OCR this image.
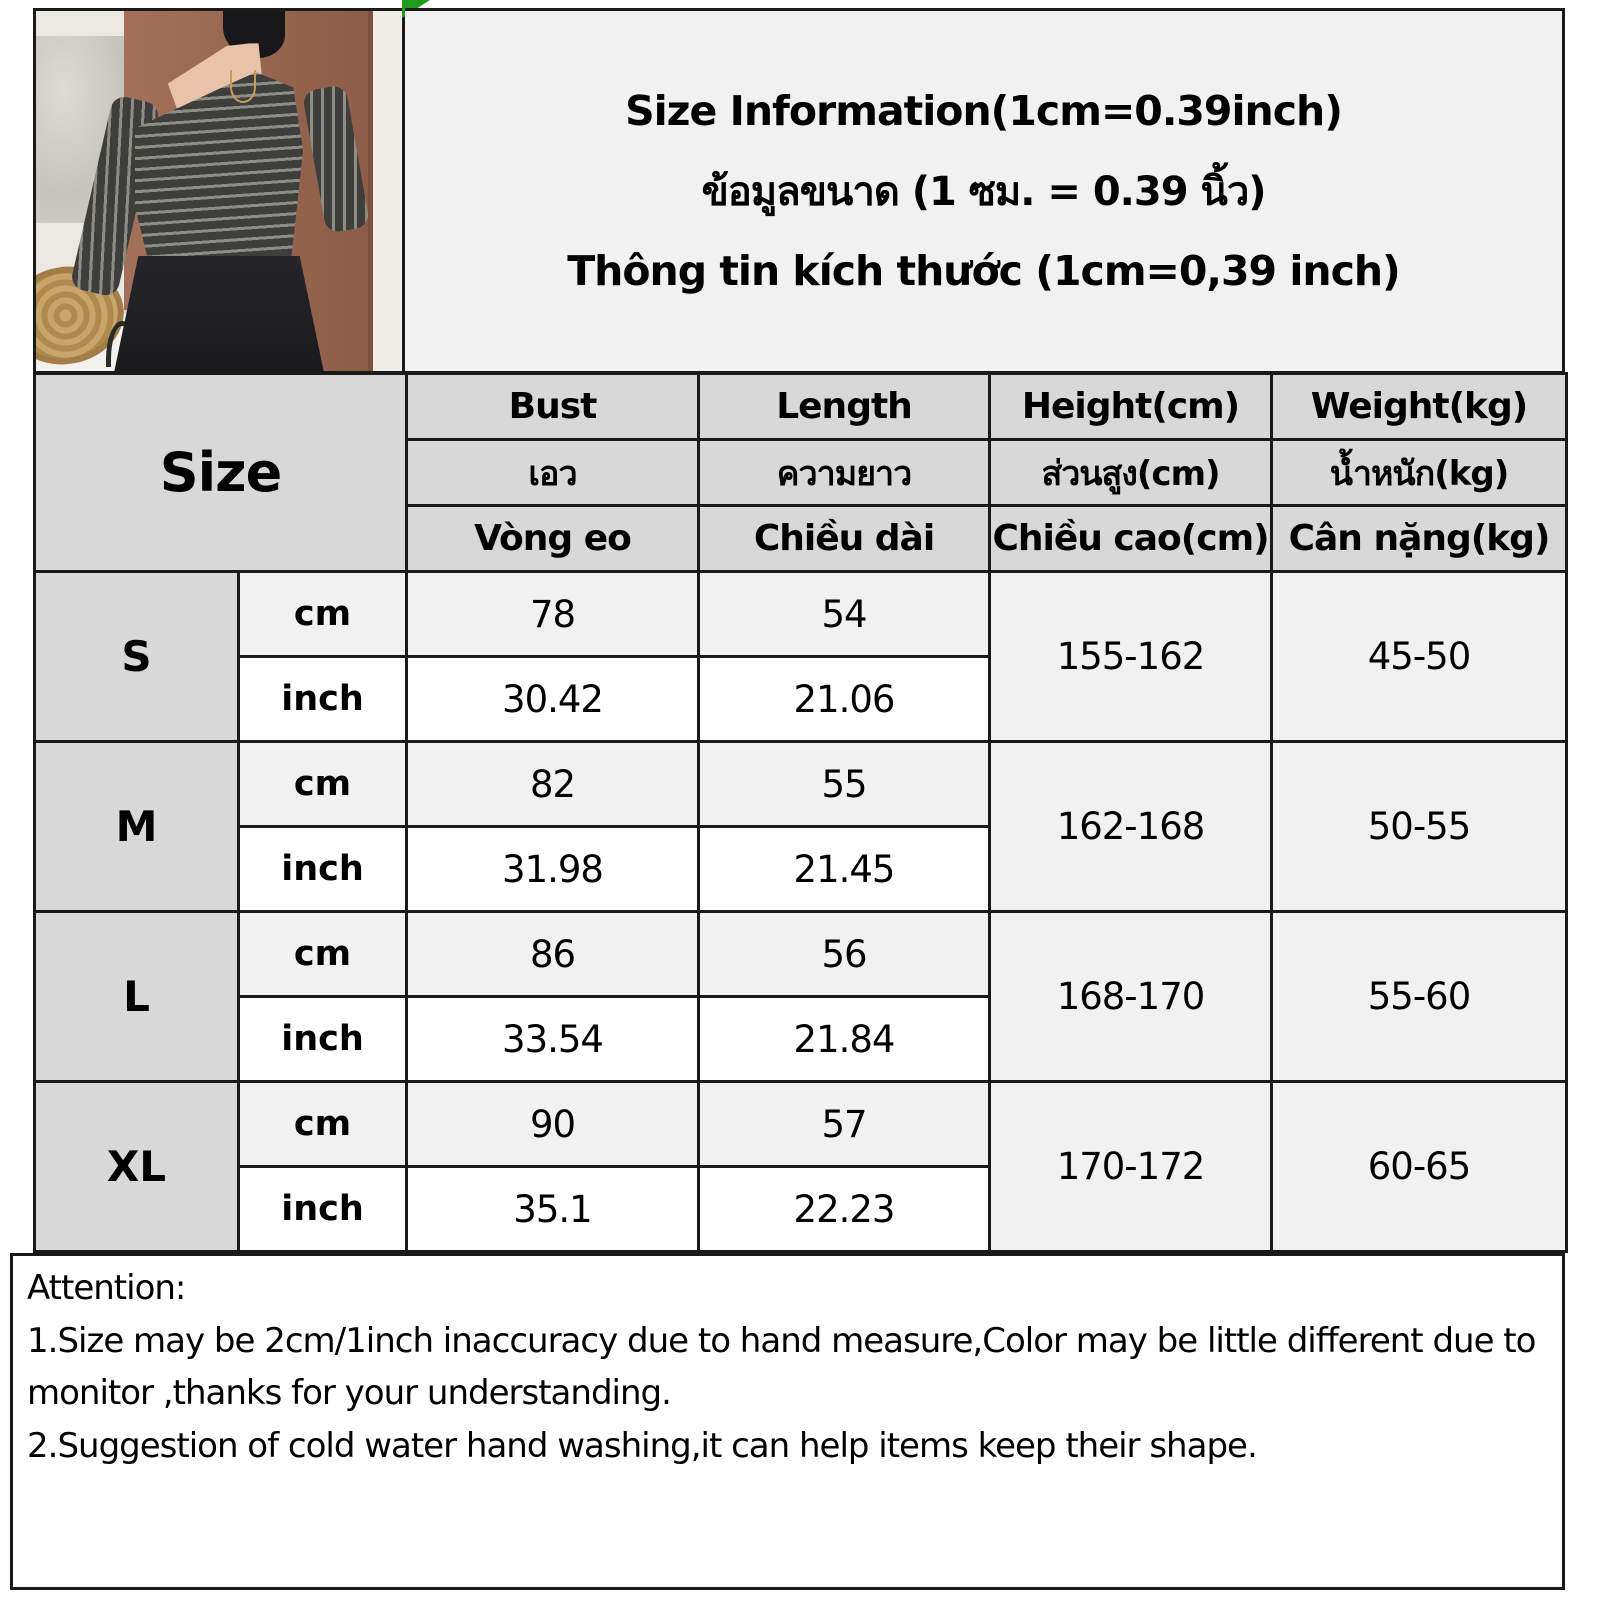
Size Information(1cm=0.39inch)
ข้อมูลขนาด (1 ซม. = 0.39 นิ้ว)
Thông tin kích thước (1cm=0,39 inch)
Size		Bust	Length	Height(cm)	Weight(kg)
		เอว	ความยาว	ส่วนสูง(cm)	น้ำหนัก(kg)
		Vòng eo	Chiều dài	Chiều cao(cm)	Cân nặng(kg)
S	cm	78	54	155-162	45-50
	inch	30.42	21.06		
M	cm	82	55	162-168	50-55
	inch	31.98	21.45		
L	cm	86	56	168-170	55-60
	inch	33.54	21.84		
XL	cm	90	57	170-172	60-65
	inch	35.1	22.23		

Attention:

1.Size may be 2cm/1inch inaccuracy due to hand measure,Color may be little different due to monitor ,thanks for your understanding.

2.Suggestion of cold water hand washing,it can help items keep their shape.
